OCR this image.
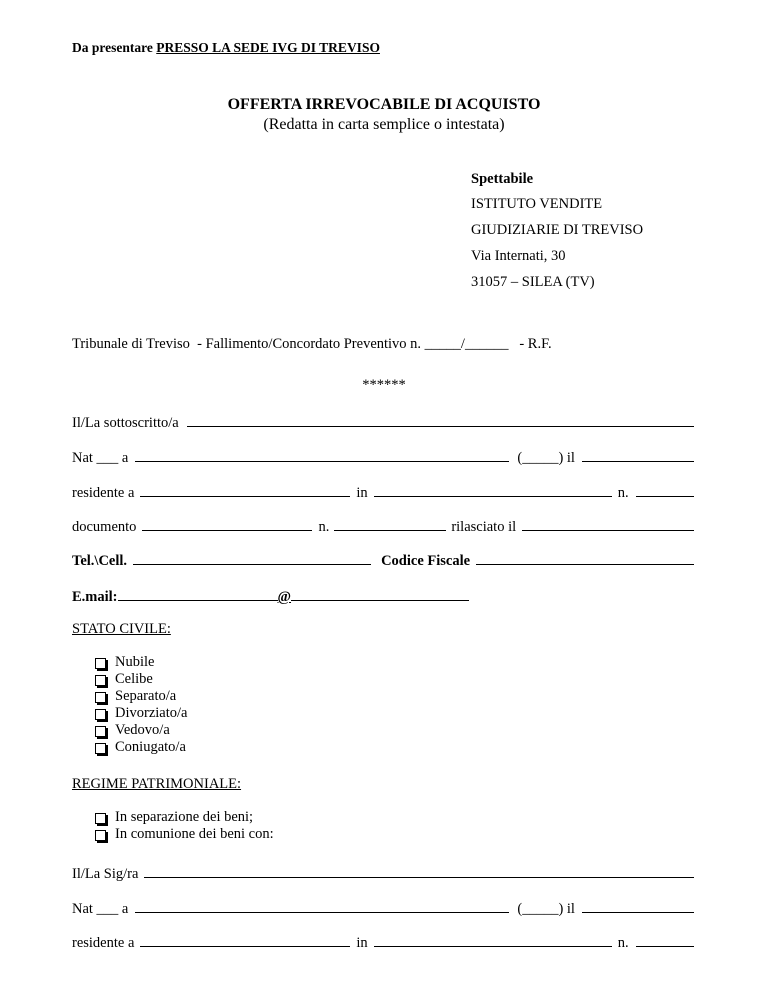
Da presentare PRESSO LA SEDE IVG DI TREVISO
OFFERTA IRREVOCABILE DI ACQUISTO
(Redatta in carta semplice o intestata)
Spettabile
ISTITUTO VENDITE
GIUDIZIARIE DI TREVISO
Via Internati, 30
31057 – SILEA (TV)
Tribunale di Treviso  - Fallimento/Concordato Preventivo n. _____/______   - R.F.
******
Il/La sottoscritto/a
Nat ___ a	(_____) il
residente a	in	n.
documento	n.	rilasciato il
Tel.\Cell.	Codice Fiscale
E.mail:	@
STATO CIVILE:
Nubile
Celibe
Separato/a
Divorziato/a
Vedovo/a
Coniugato/a
REGIME PATRIMONIALE:
In separazione dei beni;
In comunione dei beni con:
Il/La Sig/ra
Nat ___ a	(_____) il
residente a	in	n.
